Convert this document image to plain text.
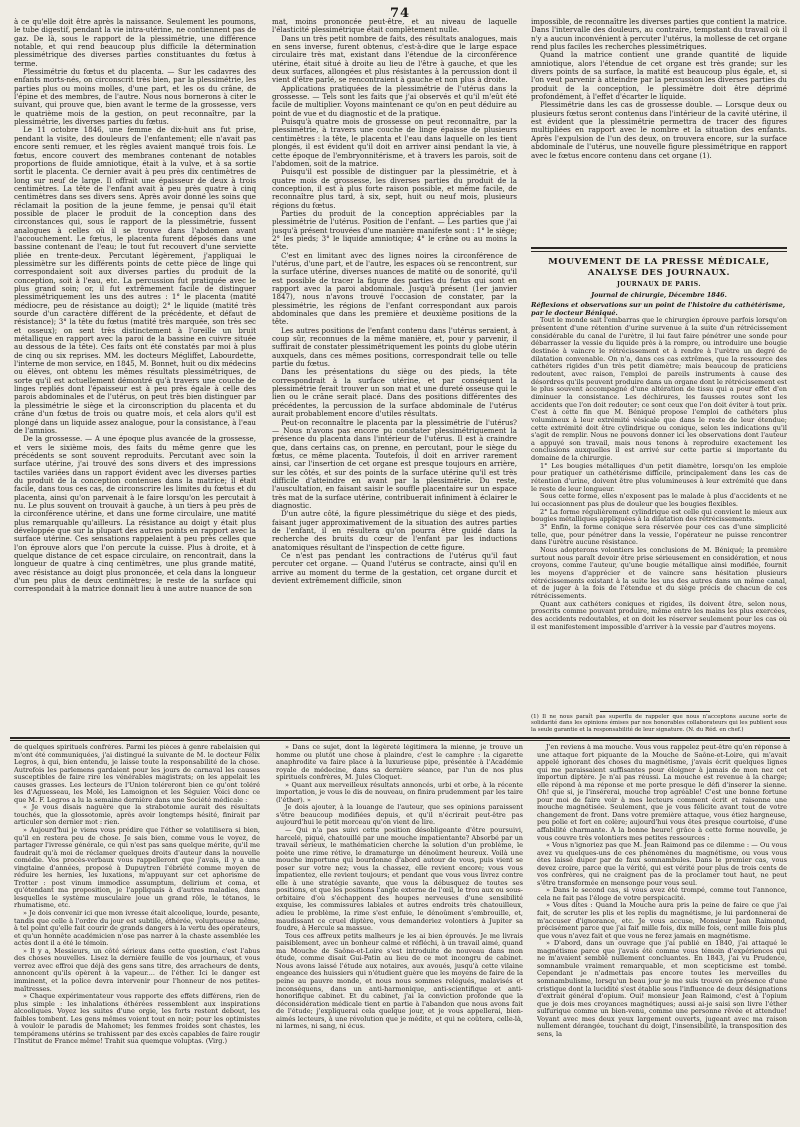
74

à ce qu'elle doit être après la naissance. Seulement les poumons, le tube digestif, pendant la vie intra-utérine, ne contiennent pas de gaz. De là, sous le rapport de la plessimétrie, une différence notable, et qui rend beaucoup plus difficile la détermination plessimétrique des diverses parties constituantes du fœtus à terme.

Plessimétrie du fœtus et du placenta. — Sur les cadavres des enfants morts-nés, on circonscrit très bien, par la plessimétrie, les parties plus ou moins molles, d'une part, et les os du crâne, de l'épine et des membres, de l'autre. Nous nous bornerons à citer le suivant, qui prouve que, bien avant le terme de la grossesse, vers le quatrième mois de la gestion, on peut reconnaître, par la plessimétrie, les diverses parties du fœtus.

Le 11 octobre 1846, une femme de dix-huit ans fut prise, pendant la visite, des douleurs de l'enfantement; elle n'avait pas encore senti remuer, et les règles avaient manqué trois fois. Le fœtus, encore couvert des membranes contenant de notables proportions de fluide amniotique, était à la vulve, et à sa sortie sortit le placenta. Ce dernier avait à peu près dix centimètres de long sur neuf de large. Il offrait une épaisseur de deux à trois centimètres. La tête de l'enfant avait à peu près quatre à cinq centimètres dans ses divers sens. Après avoir donné les soins que réclamait la position de la jeune femme, je pensai qu'il était possible de placer le produit de la conception dans des circonstances qui, sous le rapport de la plessimétrie, fussent analogues à celles où il se trouve dans l'abdomen avant l'accouchement. Le fœtus, le placenta furent déposés dans une bassine contenant de l'eau; le tout fut recouvert d'une serviette pliée en trente-deux. Percutant légèrement, j'appliquai le plessimètre sur les différents points de cette pièce de linge qui correspondaient soit aux diverses parties du produit de la conception, soit à l'eau, etc. La percussion fut pratiquée avec le plus grand soin; or, il fut extrêmement facile de distinguer plessimétriquement les uns des autres : 1° le placenta (matité médiocre, peu de résistance au doigt); 2° le liquide (matité très sourde d'un caractère différent de la précédente, et défaut de résistance); 3° la tête du fœtus (matité très marquée, son très sec et osseux); on sent très distinctement à l'oreille un bruit métallique en rapport avec la paroi de la bassine en cuivre située au dessous de la tête). Ces faits ont été constatés par moi à plus de cinq ou six reprises. MM. les docteurs Mégliffet, Labourdette, l'interne de mon service, en 1845, M. Bonnet, huit ou dix médecins ou élèves, ont obtenu les mêmes résultats plessimétriques, de sorte qu'il est actuellement démontré qu'à travers une couche de linges repliés dont l'épaisseur est à peu près égale à celle des parois abdominales et de l'utérus, on peut très bien distinguer par la plessimétrie le siège et la circonscription du placenta et du crâne d'un fœtus de trois ou quatre mois, et cela alors qu'il est plongé dans un liquide assez analogue, pour la consistance, à l'eau de l'amnios.

De la grossesse. — A une époque plus avancée de la grossesse, et vers le sixième mois, des faits du même genre que les précédents se sont souvent reproduits. Percutant avec soin la surface utérine, j'ai trouvé des sons divers et des impressions tactiles variées dans un rapport évident avec les diverses parties du produit de la conception contenues dans la matrice; il était facile, dans tous ces cas, de circonscrire les limites du fœtus et du placenta, ainsi qu'on parvenait à le faire lorsqu'on les percutait à nu. Le plus souvent on trouvait à gauche, à un tiers à peu près de la circonférence utérine, et dans une forme circulaire, une matité plus remarquable qu'ailleurs. La résistance au doigt y était plus développée que sur la plupart des autres points en rapport avec la surface utérine. Ces sensations rappelaient à peu près celles que l'on éprouve alors que l'on percute la cuisse. Plus à droite, et à quelque distance de cet espace circulaire, on rencontrait, dans la longueur de quatre à cinq centimètres, une plus grande matité, avec résistance au doigt plus prononcée, et cela dans la longueur d'un peu plus de deux centimètres; le reste de la surface qui correspondait à la matrice donnait lieu à une autre nuance de son

mat, moins prononcée peut-être, et au niveau de laquelle l'élasticité plessimétrique était complètement nulle.

Dans un très petit nombre de faits, des résultats analogues, mais en sens inverse, furent obtenus, c'est-à-dire que le large espace circulaire très mat, existant dans l'étendue de la circonférence utérine, était situé à droite au lieu de l'être à gauche, et que les deux surfaces, allongées et plus résistantes à la percussion dont il vient d'être parlé, se rencontraient à gauche et non plus à droite.

Applications pratiquées de la plessimétrie de l'utérus dans la grossesse. — Tels sont les faits que j'ai observés et qu'il m'eût été facile de multiplier. Voyons maintenant ce qu'on en peut déduire au point de vue et du diagnostic et de la pratique.

Puisqu'à quatre mois de grossesse on peut reconnaître, par la plessimétrie, à travers une couche de linge épaisse de plusieurs centimètres : la tête, le placenta et l'eau dans laquelle on les tient plongés, il est évident qu'il doit en arriver ainsi pendant la vie, à cette époque de l'embryonnitérisme, et à travers les parois, soit de l'abdomen, soit de la matrice.

Puisqu'il est possible de distinguer par la plessimétrie, et à quatre mois de grossesse, les diverses parties du produit de la conception, il est à plus forte raison possible, et même facile, de reconnaître plus tard, à six, sept, huit ou neuf mois, plusieurs régions du fœtus.

Parties du produit de la conception appréciables par la plessimétrie de l'utérus. Position de l'enfant. — Les parties que j'ai jusqu'à présent trouvées d'une manière manifeste sont : 1° le siège; 2° les pieds; 3° le liquide amniotique; 4° le crâne ou au moins la tête.

C'est en limitant avec des lignes noires la circonférence de l'utérus, d'une part, et de l'autre, les espaces où se rencontrent, sur la surface utérine, diverses nuances de matité ou de sonorité, qu'il est possible de tracer la figure des parties du fœtus qui sont en rapport avec la paroi abdominale. Jusqu'à présent (1er janvier 1847), nous n'avons trouvé l'occasion de constater, par la plessimétrie, les régions de l'enfant correspondant aux parois abdominales que dans les première et deuxième positions de la tête.

Les autres positions de l'enfant contenu dans l'utérus seraient, à coup sûr, reconnues de la même manière, et, pour y parvenir, il suffirait de constater plessimétriquement les points du globe utérin auxquels, dans ces mêmes positions, correspondrait telle ou telle partie du fœtus.

Dans les présentations du siège ou des pieds, la tête correspondrait à la surface utérine, et par conséquent la plessimétrie ferait trouver un son mat et une dureté osseuse qui le lien ou le crâne serait placé. Dans des positions différentes des précédentes, la percussion de la surface abdominale de l'utérus aurait probablement encore d'utiles résultats.

Peut-on reconnaître le placenta par la plessimétrie de l'utérus? — Nous n'avons pas encore pu constater plessimétriquement la présence du placenta dans l'intérieur de l'utérus. Il est à craindre que, dans certains cas, on prenne, en percutant, pour le siège du fœtus, ce même placenta. Toutefois, il doit en arriver rarement ainsi, car l'insertion de cet organe est presque toujours en arrière, sur les côtés, et sur des points de la surface utérine qu'il est très difficile d'atteindre en avant par la plessimétrie. Du reste, l'auscultation, en faisant saisir le souffle placentaire sur un espace très mat de la surface utérine, contribuerait infiniment à éclairer le diagnostic.

D'un autre côté, la figure plessimétrique du siège et des pieds, faisant juger approximativement de la situation des autres parties de l'enfant, il en résultera qu'on pourra être guidé dans la recherche des bruits du cœur de l'enfant par les inductions anatomiques résultant de l'inspection de cette figure.

Ce n'est pas pendant les contractions de l'utérus qu'il faut percuter cet organe. — Quand l'utérus se contracte, ainsi qu'il en arrive au moment du terme de la gestation, cet organe durcit et devient extrêmement difficile, sinon

impossible, de reconnaître les diverses parties que contient la matrice. Dans l'intervalle des douleurs, au contraire, tempstant du travail où il n'y a aucun inconvénient à percuter l'utérus, la mollesse de cet organe rend plus faciles les recherches plessimétriques.

Quand la matrice contient une grande quantité de liquide amniotique, alors l'étendue de cet organe est très grande; sur les divers points de sa surface, la matité est beaucoup plus égale, et, si l'on veut parvenir à atteindre par la percussion les diverses parties du produit de la conception, le plessimètre doit être déprimé profondément, à l'effet d'écarter le liquide.

Plessimétrie dans les cas de grossesse double. — Lorsque deux ou plusieurs fœtus seront contenus dans l'intérieur de la cavité utérine, il est évident que la plessimétrie permettra de tracer des figures multipliées en rapport avec le nombre et la situation des enfants. Après l'expulsion de l'un des deux, on trouvera encore, sur la surface abdominale de l'utérus, une nouvelle figure plessimétrique en rapport avec le fœtus encore contenu dans cet organe (1).

MOUVEMENT DE LA PRESSE MÉDICALE, ANALYSE DES JOURNAUX.
JOURNAUX DE PARIS.
Journal de chirurgie, Décembre 1846.

Réflexions et observations sur un point de l'histoire du cathétérisme, par le docteur Béniqué.

Tout le monde sait l'embarras que le chirurgien éprouve parfois lorsqu'on présentent d'une rétention d'urine survenue à la suite d'un rétrécissement considérable du canal de l'urètre, il lui faut faire pénétrer une sonde pour débarrasser la vessie du liquide près à la rompre, ou introduire une bougie destinée à vaincre le rétrécissement et à rendre à l'urètre un degré de dilatation convenable. On n'a, dans ces cas extrêmes, que la ressource des cathéters rigides d'un très petit diamètre; mais beaucoup de praticiens redoutent, avec raison, l'emploi de pareils instruments à cause des désordres qu'ils peuvent produire dans un organe dont le rétrécissement est le plus souvent accompagné d'une altération de tissu qui a pour effet d'en diminuer la consistance. Les déchirures, les fausses routes sont les accidents que l'on doit redouter; ce sont ceux que l'on doit éviter à tout prix. C'est à cette fin que M. Béniqué propose l'emploi de cathéters plus volumineux à leur extrémité vésicale que dans le reste de leur étendue; cette extrémité doit être cylindrique ou conique, selon les indications qu'il s'agit de remplir. Nous ne pouvons donner ici les observations dont l'auteur a appuyé son travail, mais nous tenons à reproduire exactement les conclusions auxquelles il est arrivé sur cette partie si importante du domaine de la chirurgie.

1° Les bougies métalliques d'un petit diamètre, lorsqu'on les emploie pour pratiquer un cathétérisme difficile, principalement dans les cas de rétention d'urine, doivent être plus volumineuses à leur extrémité que dans le reste de leur longueur.

Sous cette forme, elles n'exposent pas le malade à plus d'accidents et ne lui occasionnent pas plus de douleur que les bougies flexibles.

2° La forme régulièrement cylindrique est celle qui convient le mieux aux bougies métalliques appliquées à la dilatation des rétrécissements.

3° Enfin, la forme conique sera réservée pour ces cas d'une simplicité telle, que, pour pénétrer dans la vessie, l'opérateur ne puisse rencontrer dans l'urètre aucune résistance.

Nous adopterons volontiers les conclusions de M. Béniqué; la première surtout nous paraît devoir être prise sérieusement en considération, et nous croyons, comme l'auteur, qu'une bougie métallique ainsi modifiée, fournit les moyens d'apprécier et de vaincre sans hésitation plusieurs rétrécissements existant à la suite les uns des autres dans un même canal, et de juger à la fois de l'étendue et du siège précis de chacun de ces rétrécissements.

Quant aux cathéters coniques et rigides, ils doivent être, selon nous, proscrits comme pouvant produire, même entre les mains les plus exercées, des accidents redoutables, et on doit les réserver seulement pour les cas où il est manifestement impossible d'arriver à la vessie par d'autres moyens.

(1) Il ne nous paraît pas superflu de rappeler que nous n'acceptons aucune sorte de solidarité dans les opinions émises par nos honorables collaborateurs qui les publient sous la seule garantie et la responsabilité de leur signature. (N. du Réd. en chef.)

de quelques spirituels confrères. Parmi les pièces à genre rabelaisien qui m'ont été communiquées, j'ai distingué la suivante de M. le docteur Félix Legros, à qui, bien entendu, je laisse toute la responsabilité de la chose. Autrefois les parlemens gardaient pour les jours de carnaval les causes susceptibles de faire rire les vénérables magistrats; on les appelait les causes grasses. Les lecteurs de l'Union toléreront bien ce qu'ont toléré les d'Aguesseau, les Molé, les Lamoignon et les Séguier. Voici donc ce que M. F. Legros a lu la semaine dernière dans une Société médicale :

« Je vous disais naguère que la strabotomie aurait des résultats touchés, que la glossotomie, après avoir longtemps hésité, finirait par articuler son dernier mot : rien.

» Aujourd'hui je viens vous prédire que l'éther se volatilisera si bien, qu'il en restera peu de chose. Je sais bien, comme vous le voyez, de partager l'ivresse générale, ce qui n'est pas sans quelque mérite, qu'il me faudrait qu'à moi de réclamer quelques droits d'auteur dans la nouvelle comédie. Vos procès-verbaux vous rappelleront que j'avais, il y a une vingtaine d'années, proposé à Dupuytren l'ébriété comme moyen de réduire les hernies, les luxations, m'appuyant sur cet aphorisme de Trotter : post vinum immodice assumptum, delirium et coma, et qu'étendant ma proposition, je l'appliquais à d'autres maladies, dans lesquelles le système musculaire joue un grand rôle, le tétanos, le rhumatisme, etc.

» Je dois convenir ici que mon ivresse était alcoolique, lourde, pesante, tandis que celle à l'ordre du jour est subtile, éthérée, voluptueuse même, à tel point qu'elle fait courir de grands dangers à la vertu des opérateurs, et qu'un honnête académicien n'ose pas narrer à la chaste assemblée les actes dont il a été le témoin.

» Il y a, Messieurs, un côté sérieux dans cette question, c'est l'abus des choses nouvelles. Lisez la dernière feuille de vos journaux, et vous verrez avec effroi que déjà des gens sans titre, des arracheurs de dents, annoncent qu'ils opèrent à la vapeur.... de l'éther. Ici le danger est imminent, et la police devra intervenir pour l'honneur de nos petites-maîtresses.

» Chaque expérimentateur vous rapporte des effets différens, rien de plus simple : les inhalations éthérées ressemblent aux inspirations alcooliques. Voyez les suites d'une orgie, les forts restent debout, les faibles tombent. Les gens mêmes voient tout en noir; pour les optimistes à vouloir le paradis de Mahomet; les femmes froides sont chastes, les tempéramens utérins se trahissent par des excès capables de faire rougir l'Institut de France même! Trahit sua quemque voluptas. (Virg.)

» Dans ce sujet, dont la légèreté légitimera la mienne, je trouve un homme ou plutôt une chose à plaindre, c'est le camphre : la cigarette anaphrodite va faire place à la luxurieuse pipe, présentée à l'Académie royale de médecine, dans sa dernière séance, par l'un de nos plus spirituels confrères, M. Jules Cloquet.

» Quant aux merveilleux résultats annoncés, urbi et orbe, à la récente importation, je vous le dis de nouveau, on finira prudemment par les taire (l'éther). »

Je dois ajouter, à la louange de l'auteur, que ses opinions paraissent s'être beaucoup modifiées depuis, et qu'il n'écrirait peut-être pas aujourd'hui le petit morceau qu'on vient de lire.

— Qui n'a pas suivi cette position désobligeante d'être poursuivi, harcelé, piqué, chatouillé par une mouche impatientante? Absorbé par un travail sérieux, le mathématicien cherche la solution d'un problème, le poète une rime rétive, le dramaturge un dénoûment heureux. Voilà une mouche importune qui bourdonne d'abord autour de vous, puis vient se poser sur votre nez; vous la chassez, elle revient encore; vous vous impatientez, elle revient toujours; et pendant que vous vous livrez contre elle à une stratégie savante, que vous la débusquez de toutes ses positions, et que les positions l'angle externe de l'œil, le trou aux ou sous-orbitaire d'où s'échappent des houpes nerveuses d'une sensibilité exquise, les commissures labiales et autres endroits très chatouilleux, adieu le problème, la rime s'est enfuie, le dénoûment s'embrouille, et, maudissant ce cruel diptère, vous demanderiez volontiers à Jupiter sa foudre, à Hercule sa massue.

Tous ces affreux petits malheurs je les ai bien éprouvés. Je me livrais paisiblement, avec un bonheur calme et réfléchi, à un travail aimé, quand ma Mouche de Saône-et-Loire s'est introduite de nouveau dans mon étude, comme disait Gui-Patin au lieu de ce mot incongru de cabinet. Nous avons laissé l'étude aux notaires, aux avoués, jusqu'à cette vilaine engeance des huissiers qui n'étudient guère que les moyens de faire de la peine au pauvre monde, et nous nous sommes relégués, malavisés et inconséquens, dans un anti-harmonique, anti-scientifique et anti-honorifique cabinet. Et du cabinet, j'ai la conviction profonde que la déconsidération médicale tient en partie à l'abandon que nous avons fait de l'étude; j'expliquerai cela quelque jour, et je vous appellerai, bien-aimés lecteurs, à une révolution que je médite, et qui ne coûtera, celle-là, ni larmes, ni sang, ni écus.

J'en reviens à ma mouche. Vous vous rappelez peut-être qu'en réponse à une attaque fort piquante de la Mouche de Saône-et-Loire, qui m'avait appelé ignorant des choses du magnétisme, j'avais écrit quelques lignes qui me paraissaient suffisantes pour éloigner à jamais de mon nez cet importun diptère. Je n'ai pas réussi. La mouche est revenue à la charge; elle répond à ma réponse et me porte presque le défi d'inserer la sienne. Oh! que si, je l'insérerai, mouche trop agréable! C'est une bonne fortune pour moi de faire voir à mes lecteurs comment écrit et raisonne une mouche magnétisée. Seulement, que je vous félicite avant tout de votre changement de front. Dans votre première attaque, vous étiez hargneuse, peu polie et fort en colère; aujourd'hui vous êtes presque courtoise, d'une affabilité charmante. A la bonne heure! grâce à cette forme nouvelle, je vous couvre très volontiers mes petites ressources :

« Vous n'ignoriez pas que M. Jean Raimond pas ce dilemme : — Ou vous avez vu quelques-uns de ces phénomènes du magnétisme, ou vous vous étes laissé duper par de faux somnambules. Dans le premier cas, vous devez croire, parce que la vérité, qui est vérité pour plus de trois cents de vos confrères, qui ne craignent pas de la proclamer tout haut, ne peut s'être transformée en mensonge pour vous seul.

» Dans le second cas, si vous avez été trompé, comme tout l'annonce, cela ne fait pas l'éloge de votre perspicacité.

» Vous dites : Quand la Mouche aura pris la peine de faire ce que j'ai fait, de scruter les plis et les replis du magnétisme, je lui pardonnerai de m'accuser d'ignorance, etc. Je vous accuse, Monsieur Jean Raimond, précisément parce que j'ai fait mille fois, dix mille fois, cent mille fois plus que vous n'avez fait et que vous ne ferez jamais en magnétisme.

» D'abord, dans un ouvrage que j'ai publié en 1840, j'ai attaqué le magnétisme parce que j'avais été comme vous témoin d'expériences qui ne m'avaient semblé nullement concluantes. En 1843, j'ai vu Prudence, somnambule vraiment remarquable, et mon scepticisme est tombé. Cependant je n'admettais pas encore toutes les merveilles du somnambulisme, lorsqu'un beau jour je me suis trouvé en présence d'une cristique dont la lucidité s'est établie sous l'influence de deux désignations d'extrait général d'opium. Oui! monsieur Jean Raimond, c'est à l'opium que je dois mes croyances magnétiques; aussi ai-je saisi son livre l'éther sulfurique comme un bien-venu, comme une personne rêvée et attendue! Voyant avec mes deux yeux largement ouverts, jugeant avec ma raison nullement dérangée, touchant du doigt, l'insensibilité, la transposition des sens, la
